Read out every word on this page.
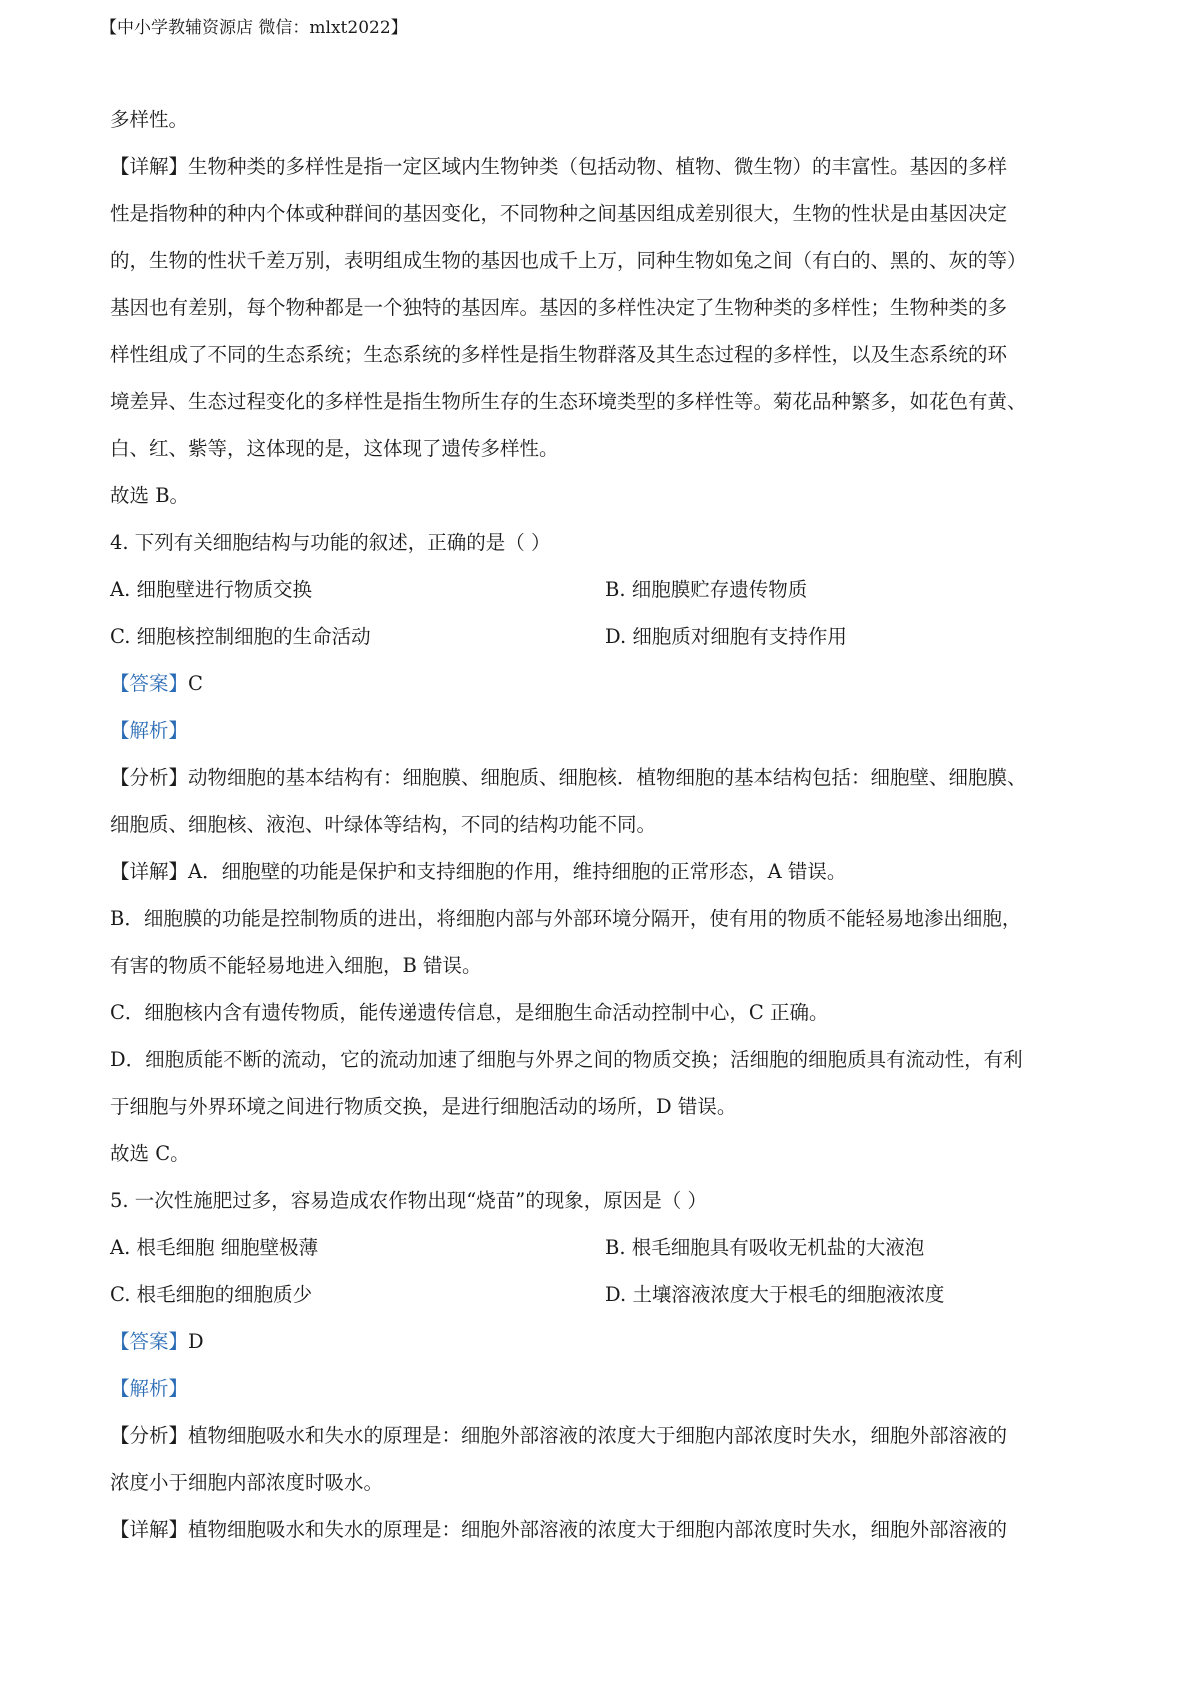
【中小学教辅资源店 微信：mlxt2022】
多样性。
【详解】生物种类的多样性是指一定区域内生物钟类（包括动物、植物、微生物）的丰富性。基因的多样
性是指物种的种内个体或种群间的基因变化，不同物种之间基因组成差别很大，生物的性状是由基因决定
的，生物的性状千差万别，表明组成生物的基因也成千上万，同种生物如兔之间（有白的、黑的、灰的等）
基因也有差别，每个物种都是一个独特的基因库。基因的多样性决定了生物种类的多样性；生物种类的多
样性组成了不同的生态系统；生态系统的多样性是指生物群落及其生态过程的多样性，以及生态系统的环
境差异、生态过程变化的多样性是指生物所生存的生态环境类型的多样性等。菊花品种繁多，如花色有黄、
白、红、紫等，这体现的是，这体现了遗传多样性。
故选 B。
4. 下列有关细胞结构与功能的叙述，正确的是（ ）
A. 细胞壁进行物质交换	B. 细胞膜贮存遗传物质
C. 细胞核控制细胞的生命活动	D. 细胞质对细胞有支持作用
【答案】C
【解析】
【分析】动物细胞的基本结构有：细胞膜、细胞质、细胞核．植物细胞的基本结构包括：细胞壁、细胞膜、
细胞质、细胞核、液泡、叶绿体等结构，不同的结构功能不同。
【详解】A．细胞壁的功能是保护和支持细胞的作用，维持细胞的正常形态，A 错误。
B．细胞膜的功能是控制物质的进出，将细胞内部与外部环境分隔开，使有用的物质不能轻易地渗出细胞，
有害的物质不能轻易地进入细胞，B 错误。
C．细胞核内含有遗传物质，能传递遗传信息，是细胞生命活动控制中心，C 正确。
D．细胞质能不断的流动，它的流动加速了细胞与外界之间的物质交换；活细胞的细胞质具有流动性，有利
于细胞与外界环境之间进行物质交换，是进行细胞活动的场所，D 错误。
故选 C。
5. 一次性施肥过多，容易造成农作物出现“烧苗”的现象，原因是（ ）
A. 根毛细胞 细胞壁极薄	B. 根毛细胞具有吸收无机盐的大液泡
C. 根毛细胞的细胞质少	D. 土壤溶液浓度大于根毛的细胞液浓度
【答案】D
【解析】
【分析】植物细胞吸水和失水的原理是：细胞外部溶液的浓度大于细胞内部浓度时失水，细胞外部溶液的
浓度小于细胞内部浓度时吸水。
【详解】植物细胞吸水和失水的原理是：细胞外部溶液的浓度大于细胞内部浓度时失水，细胞外部溶液的
